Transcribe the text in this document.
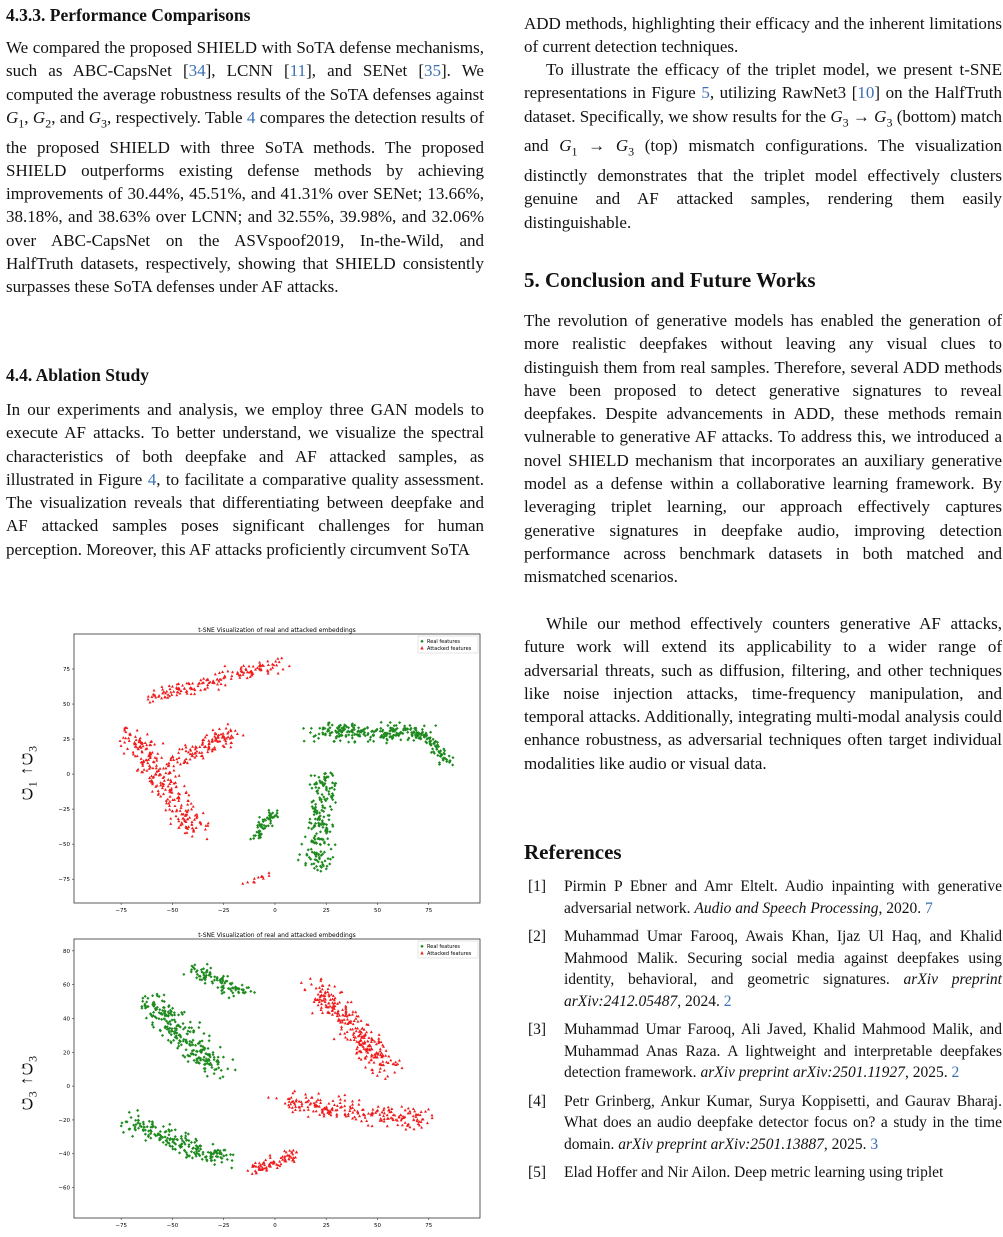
4.3.3. Performance Comparisons

We compared the proposed SHIELD with SoTA defense mechanisms, such as ABC-CapsNet [34], LCNN [11], and SENet [35]. We computed the average robustness results of the SoTA defenses against $G_1$, $G_2$, and $G_3$, respectively. Table 4 compares the detection results of the proposed SHIELD with three SoTA methods. The proposed SHIELD outperforms existing defense methods by achieving improvements of 30.44%, 45.51%, and 41.31% over SENet; 13.66%, 38.18%, and 38.63% over LCNN; and 32.55%, 39.98%, and 32.06% over ABC-CapsNet on the ASVspoof2019, In-the-Wild, and HalfTruth datasets, respectively, showing that SHIELD consistently surpasses these SoTA defenses under AF attacks.

4.4. Ablation Study

In our experiments and analysis, we employ three GAN models to execute AF attacks. To better understand, we visualize the spectral characteristics of both deepfake and AF attacked samples, as illustrated in Figure 4, to facilitate a comparative quality assessment. The visualization reveals that differentiating between deepfake and AF attacked samples poses significant challenges for human perception. Moreover, this AF attacks proficiently circumvent SoTA

$G_1\to G_3$
t-SNE Visualization of real and attacked embeddings
−75	−50	−25	0	25	50	75
75
50
25
0
−25
−50
−75
Real features
Attacked features
$G_3\to G_3$
t-SNE Visualization of real and attacked embeddings
−75	−50	−25	0	25	50	75
80
60
40
20
0
−20
−40
−60
Real features
Attacked features

ADD methods, highlighting their efficacy and the inherent limitations of current detection techniques.

To illustrate the efficacy of the triplet model, we present t-SNE representations in Figure 5, utilizing RawNet3 [10] on the HalfTruth dataset. Specifically, we show results for the $G_3 \to G_3$ (bottom) match and $G_1 \to G_3$ (top) mismatch configurations. The visualization distinctly demonstrates that the triplet model effectively clusters genuine and AF attacked samples, rendering them easily distinguishable.

5. Conclusion and Future Works

The revolution of generative models has enabled the generation of more realistic deepfakes without leaving any visual clues to distinguish them from real samples. Therefore, several ADD methods have been proposed to detect generative signatures to reveal deepfakes. Despite advancements in ADD, these methods remain vulnerable to generative AF attacks. To address this, we introduced a novel SHIELD mechanism that incorporates an auxiliary generative model as a defense within a collaborative learning framework. By leveraging triplet learning, our approach effectively captures generative signatures in deepfake audio, improving detection performance across benchmark datasets in both matched and mismatched scenarios.

While our method effectively counters generative AF attacks, future work will extend its applicability to a wider range of adversarial threats, such as diffusion, filtering, and other techniques like noise injection attacks, time-frequency manipulation, and temporal attacks. Additionally, integrating multi-modal analysis could enhance robustness, as adversarial techniques often target individual modalities like audio or visual data.

References
[1] Pirmin P Ebner and Amr Eltelt. Audio inpainting with generative adversarial network. Audio and Speech Processing, 2020. 7
[2] Muhammad Umar Farooq, Awais Khan, Ijaz Ul Haq, and Khalid Mahmood Malik. Securing social media against deepfakes using identity, behavioral, and geometric signatures. arXiv preprint arXiv:2412.05487, 2024. 2
[3] Muhammad Umar Farooq, Ali Javed, Khalid Mahmood Malik, and Muhammad Anas Raza. A lightweight and interpretable deepfakes detection framework. arXiv preprint arXiv:2501.11927, 2025. 2
[4] Petr Grinberg, Ankur Kumar, Surya Koppisetti, and Gaurav Bharaj. What does an audio deepfake detector focus on? a study in the time domain. arXiv preprint arXiv:2501.13887, 2025. 3
[5] Elad Hoffer and Nir Ailon. Deep metric learning using triplet
